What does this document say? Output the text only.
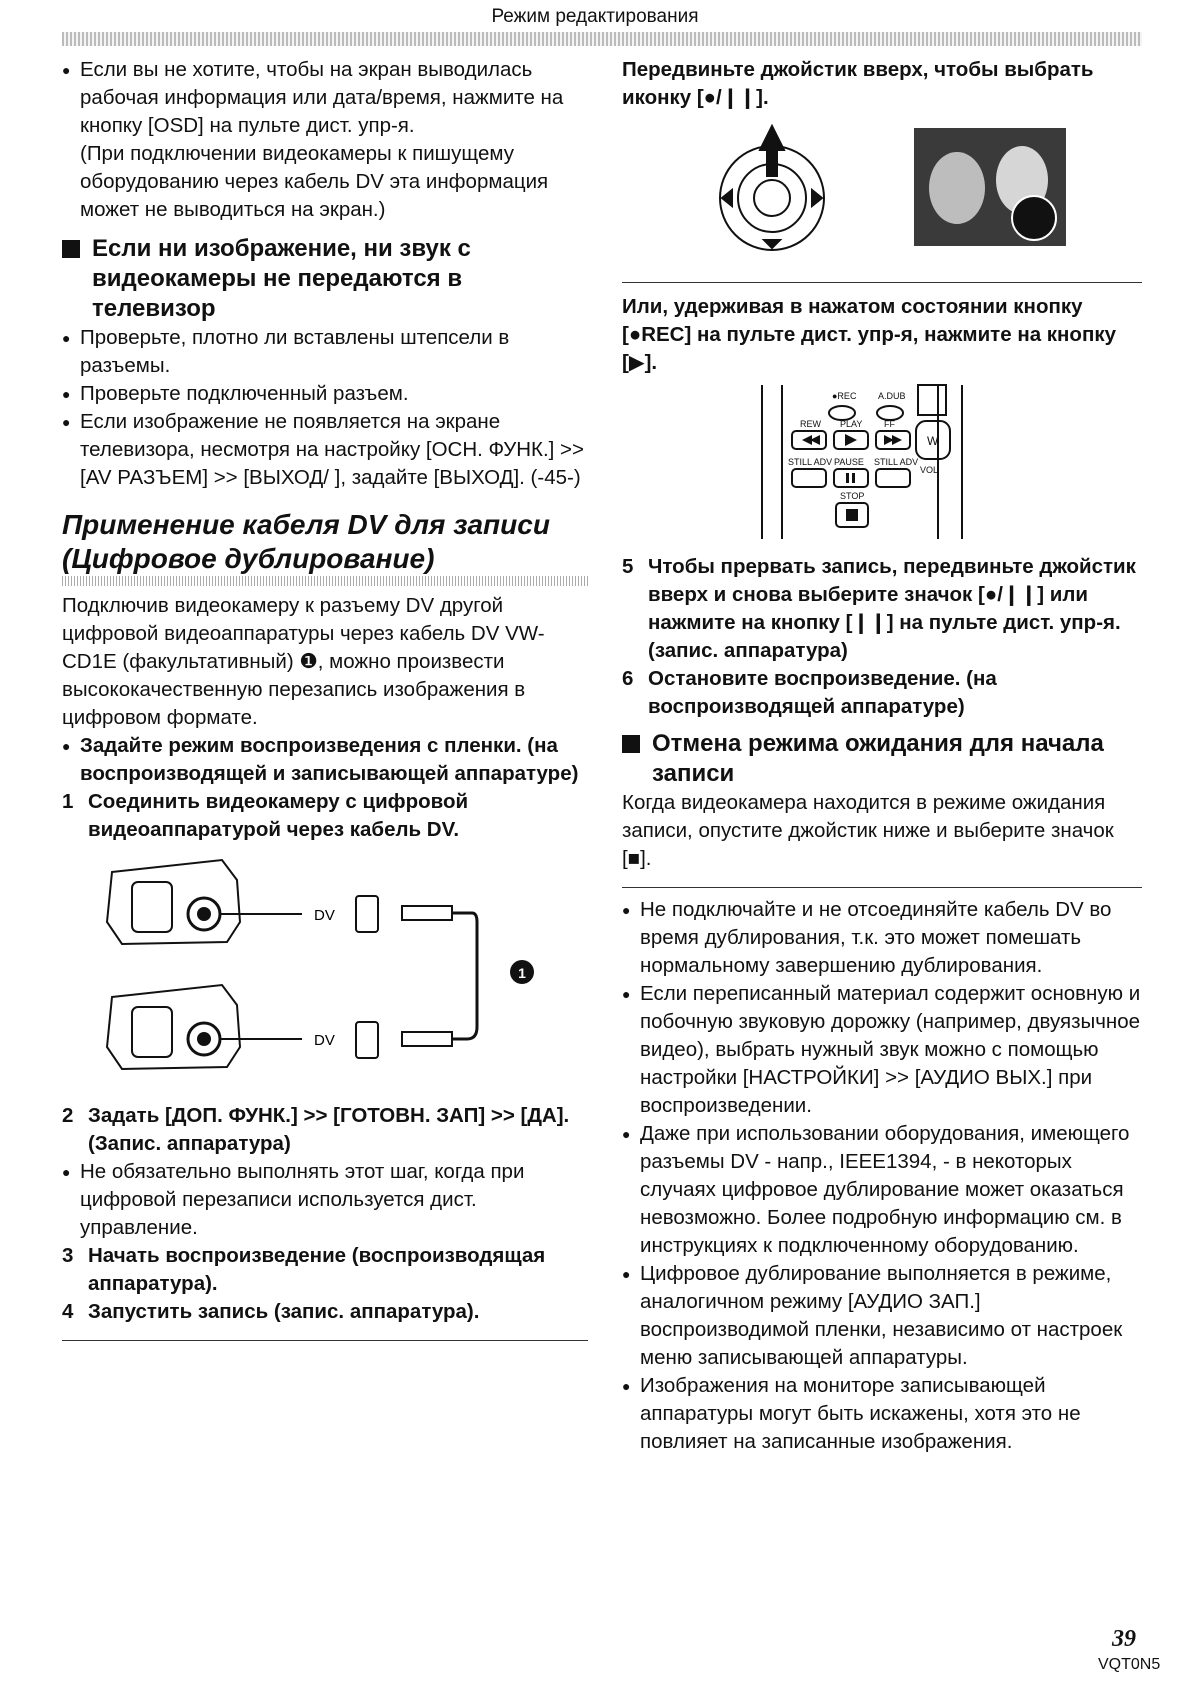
Режим редактирования

● Если вы не хотите, чтобы на экран выводилась рабочая информация или дата/время, нажмите на кнопку [OSD] на пульте дист. упр-я.

(При подключении видеокамеры к пишущему оборудованию через кабель DV эта информация может не выводиться на экран.)

Если ни изображение, ни звук с видеокамеры не передаются в телевизор

● Проверьте, плотно ли вставлены штепсели в разъемы.

● Проверьте подключенный разъем.

● Если изображение не появляется на экране телевизора, несмотря на настройку [ОСН. ФУНК.] >> [AV РАЗЪЕМ] >> [ВЫХОД/ ], задайте [ВЫХОД]. (-45-)

Применение кабеля DV для записи (Цифровое дублирование)

Подключив видеокамеру к разъему DV другой цифровой видеоаппаратуры через кабель DV VW-CD1E (факультативный) ❶, можно произвести высококачественную перезапись изображения в цифровом формате.

● Задайте режим воспроизведения с пленки. (на воспроизводящей и записывающей аппаратуре)

1 Соединить видеокамеру с цифровой видеоаппаратурой через кабель DV.

DV
DV
1

2 Задать [ДОП. ФУНК.] >> [ГОТОВН. ЗАП] >> [ДА]. (Запис. аппаратура)

● Не обязательно выполнять этот шаг, когда при цифровой перезаписи используется дист. управление.

3 Начать воспроизведение (воспроизводящая аппаратура).

4 Запустить запись (запис. аппаратура).

Передвиньте джойстик вверх, чтобы выбрать иконку [●/❙❙].

Или, удерживая в нажатом состоянии кнопку [●REC] на пульте дист. упр-я, нажмите на кнопку [▶].

●REC A.DUB
REW PLAY FF
STILL ADV PAUSE STILL ADV
STOP
W
VOL

5 Чтобы прервать запись, передвиньте джойстик вверх и снова выберите значок [●/❙❙] или нажмите на кнопку [❙❙] на пульте дист. упр-я. (запис. аппаратура)

6 Остановите воспроизведение. (на воспроизводящей аппаратуре)

Отмена режима ожидания для начала записи

Когда видеокамера находится в режиме ожидания записи, опустите джойстик ниже и выберите значок [■].

● Не подключайте и не отсоединяйте кабель DV во время дублирования, т.к. это может помешать нормальному завершению дублирования.

● Если переписанный материал содержит основную и побочную звуковую дорожку (например, двуязычное видео), выбрать нужный звук можно с помощью настройки [НАСТРОЙКИ] >> [АУДИО ВЫХ.] при воспроизведении.

● Даже при использовании оборудования, имеющего разъемы DV - напр., IEEE1394, - в некоторых случаях цифровое дублирование может оказаться невозможно. Более подробную информацию см. в инструкциях к подключенному оборудованию.

● Цифровое дублирование выполняется в режиме, аналогичном режиму [АУДИО ЗАП.] воспроизводимой пленки, независимо от настроек меню записывающей аппаратуры.

● Изображения на мониторе записывающей аппаратуры могут быть искажены, хотя это не повлияет на записанные изображения.

39
VQT0N5
